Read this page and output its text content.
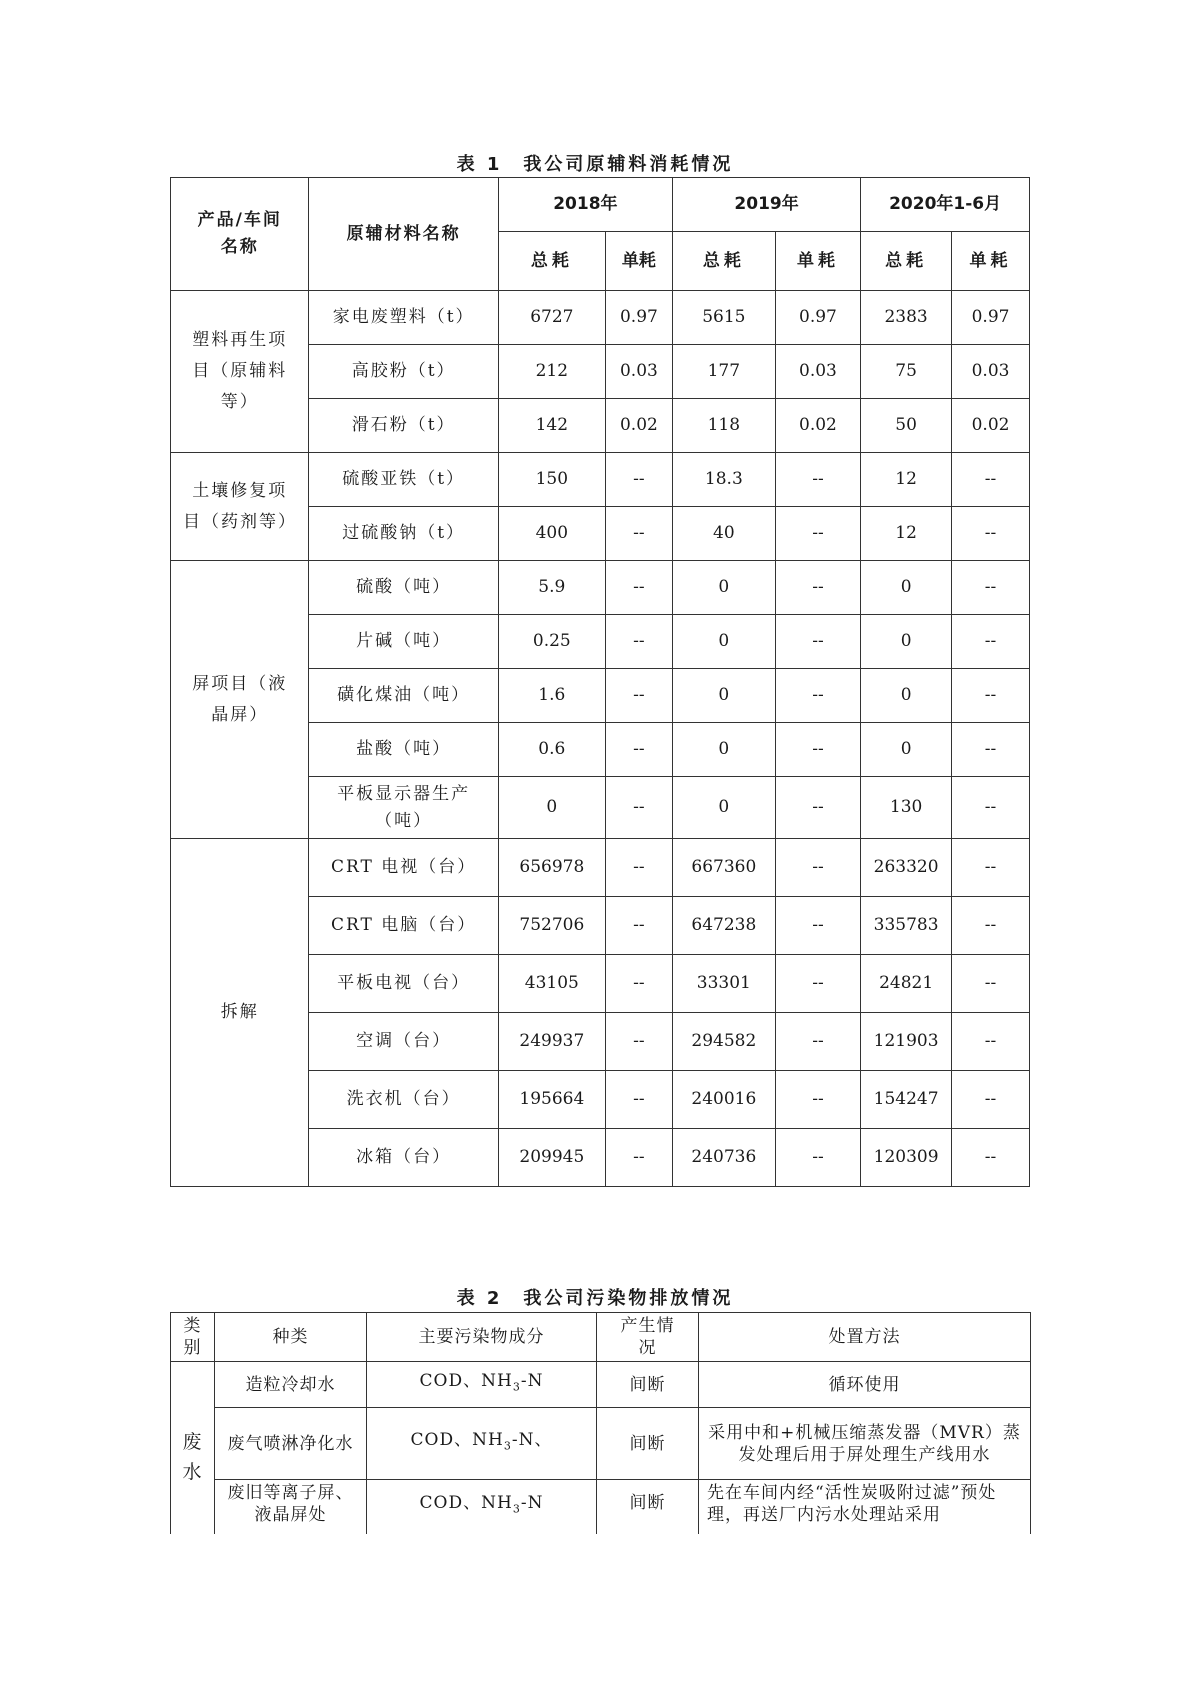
表 1　我公司原辅料消耗情况
产品/车间名称	原辅材料名称	2018年		2019年		2020年1-6月	
		总耗	单耗	总耗	单耗	总耗	单耗
塑料再生项目（原辅料等）	家电废塑料（t）	6727	0.97	5615	0.97	2383	0.97
	高胶粉（t）	212	0.03	177	0.03	75	0.03
	滑石粉（t）	142	0.02	118	0.02	50	0.02
土壤修复项目（药剂等）	硫酸亚铁（t）	150	--	18.3	--	12	--
	过硫酸钠（t）	400	--	40	--	12	--
屏项目（液晶屏）	硫酸（吨）	5.9	--	0	--	0	--
	片碱（吨）	0.25	--	0	--	0	--
	磺化煤油（吨）	1.6	--	0	--	0	--
	盐酸（吨）	0.6	--	0	--	0	--
	平板显示器生产（吨）	0	--	0	--	130	--
拆解	CRT 电视（台）	656978	--	667360	--	263320	--
	CRT 电脑（台）	752706	--	647238	--	335783	--
	平板电视（台）	43105	--	33301	--	24821	--
	空调（台）	249937	--	294582	--	121903	--
	洗衣机（台）	195664	--	240016	--	154247	--
	冰箱（台）	209945	--	240736	--	120309	--
表 2　我公司污染物排放情况
类别	种类	主要污染物成分	产生情况	处置方法
废水	造粒冷却水	COD、$NH_3-N$	间断	循环使用
	废气喷淋净化水	COD、$NH_3-N$、	间断	采用中和+机械压缩蒸发器（MVR）蒸发处理后用于屏处理生产线用水
	废旧等离子屏、液晶屏处	COD、$NH_3-N$	间断	先在车间内经“活性炭吸附过滤”预处理，再送厂内污水处理站采用
